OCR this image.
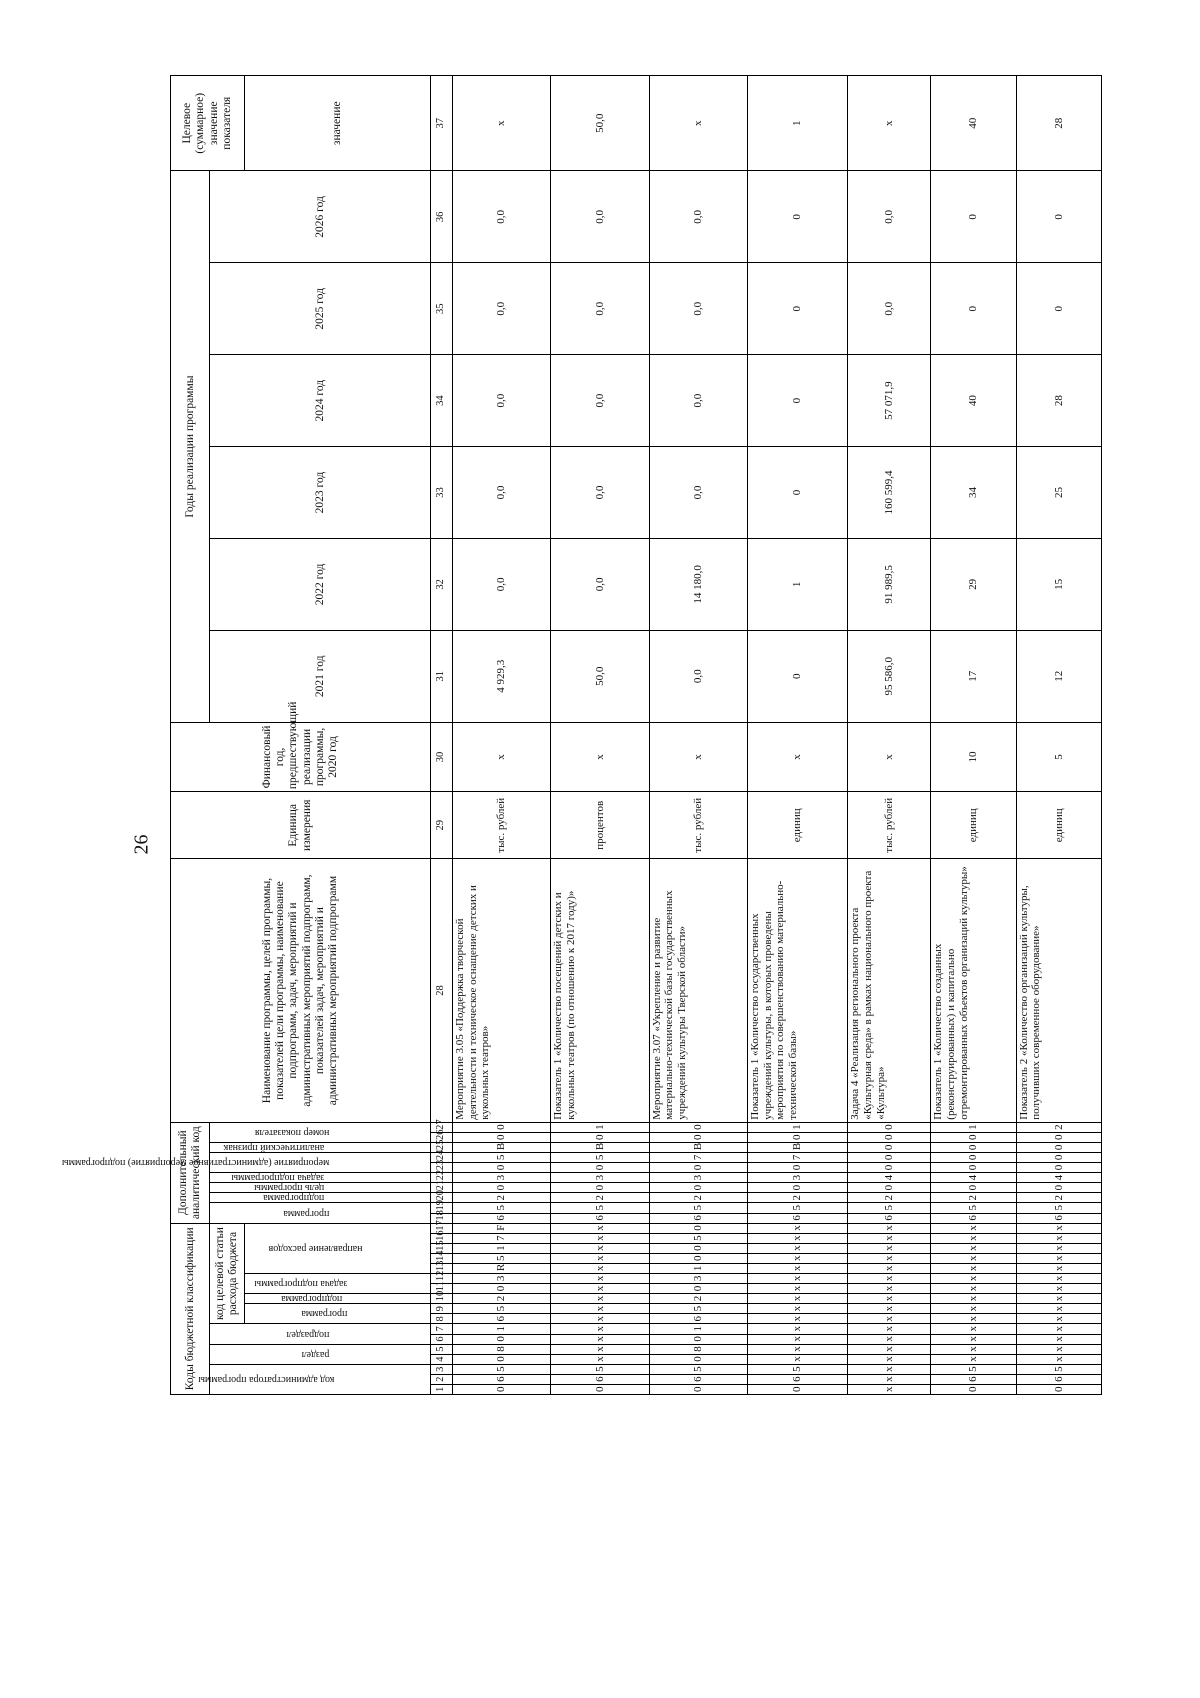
26
Коды бюджетной классификации																	Дополнительный аналитический код										Наименование программы, целей программы, показателей цели программы, наименование подпрограмм, задач, мероприятий и административных мероприятий подпрограмм, показателей задач, мероприятий и административных мероприятий подпрограмм	Единица измерения	Финансовый год, предшествующий реализации программы, 2020 год	Годы реализации программы						Целевое (суммарное) значение показателя

код администратора программы			раздел		подраздел		код целевой статьи расхода бюджета										программа		подпрограмма	цель программы	задача подпрограммы	мероприятие (административное мероприятие) подпрограммы		аналитический признак	номер показателя					2021 год	2022 год	2023 год	2024 год	2025 год	2026 год	

							программа		подпрограмма	задача подпрограммы		направление расходов																								значение
1	2	3	4	5	6	7	8	9	10	11	12	13	14	15	16	17	18	19	20	21	22	23	24	25	26	27	28	29	30	31	32	33	34	35	36	37
0	6	5	0	8	0	1	6	5	2	0	3	R	5	1	7	F	6	5	2	0	3	0	5	В	0	0	Мероприятие 3.05 «Поддержка творческой деятельности и техническое оснащение детских и кукольных театров»	тыс. рублей	х	4 929,3	0,0	0,0	0,0	0,0	0,0	х
0	6	5	х	х	х	х	х	х	х	х	х	х	х	х	х	х	6	5	2	0	3	0	5	В	0	1	Показатель 1 «Количество посещений детских и кукольных театров (по отношению к 2017 году)»	процентов	х	50,0	0,0	0,0	0,0	0,0	0,0	50,0
0	6	5	0	8	0	1	6	5	2	0	3	1	0	0	5	0	6	5	2	0	3	0	7	В	0	0	Мероприятие 3.07 «Укрепление и развитие материально-технической базы государственных учреждений культуры Тверской области»	тыс. рублей	х	0,0	14 180,0	0,0	0,0	0,0	0,0	х
0	6	5	х	х	х	х	х	х	х	х	х	х	х	х	х	х	6	5	2	0	3	0	7	В	0	1	Показатель 1 «Количество государственных учреждений культуры, в которых проведены мероприятия по совершенствованию материально-технической базы»	единиц	х	0	1	0	0	0	0	1
х	х	х	х	х	х	х	х	х	х	х	х	х	х	х	х	х	6	5	2	0	4	0	0	0	0	0	Задача 4 «Реализация регионального проекта «Культурная среда» в рамках национального проекта «Культура»	тыс. рублей	х	95 586,0	91 989,5	160 599,4	57 071,9	0,0	0,0	х
0	6	5	х	х	х	х	х	х	х	х	х	х	х	х	х	х	6	5	2	0	4	0	0	0	0	1	Показатель 1 «Количество созданных (реконструированных) и капитально отремонтированных объектов организаций культуры»	единиц	10	17	29	34	40	0	0	40
0	6	5	х	х	х	х	х	х	х	х	х	х	х	х	х	х	6	5	2	0	4	0	0	0	0	2	Показатель 2 «Количество организаций культуры, получивших современное оборудование»	единиц	5	12	15	25	28	0	0	28
